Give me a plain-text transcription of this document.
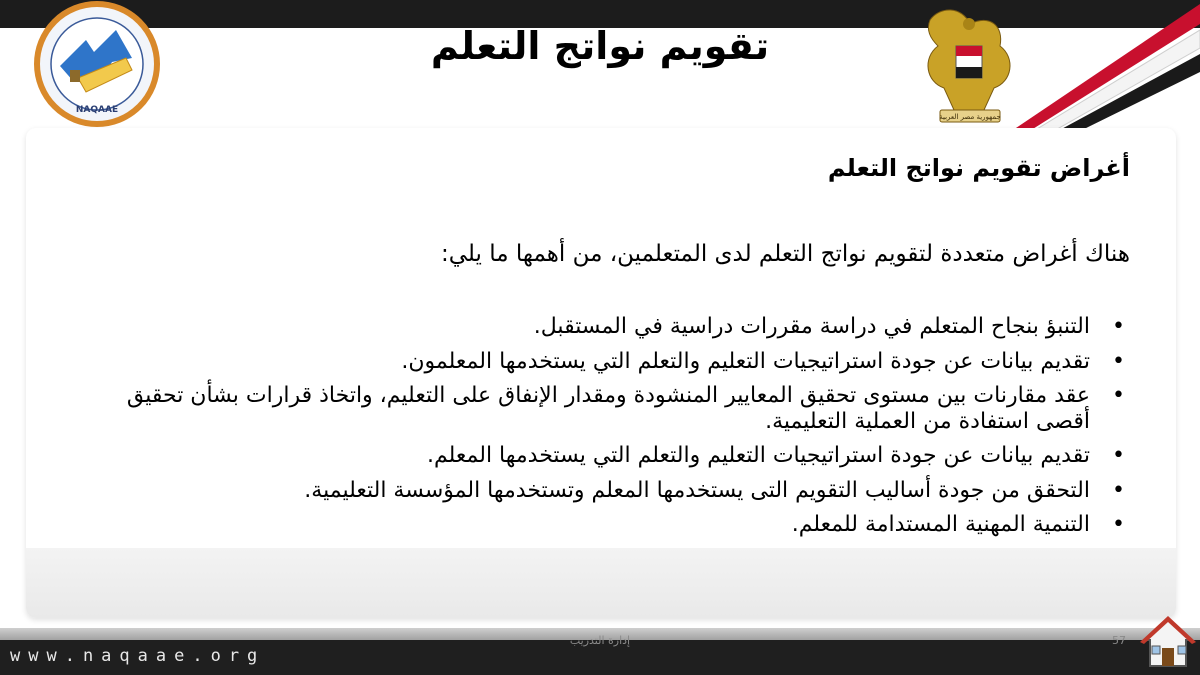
NAQAAE
جمهورية مصر العربية
تقويم نواتج التعلم

أغراض تقويم نواتج التعلم

هناك أغراض متعددة لتقويم نواتج التعلم لدى المتعلمين، من أهمها ما يلي:

•
التنبؤ بنجاح المتعلم في دراسة مقررات دراسية في المستقبل.
•
تقديم بيانات عن جودة استراتيجيات التعليم والتعلم التي يستخدمها المعلمون.
•
عقد مقارنات بين مستوى تحقيق المعايير المنشودة ومقدار الإنفاق على التعليم، واتخاذ قرارات بشأن تحقيق أقصى استفادة من العملية التعليمية.
•
تقديم بيانات عن جودة استراتيجيات التعليم والتعلم التي يستخدمها المعلم.
•
التحقق من جودة أساليب التقويم التى يستخدمها المعلم وتستخدمها المؤسسة التعليمية.
•
التنمية المهنية المستدامة للمعلم.
www.naqaae.org
إدارة التدريب	57
